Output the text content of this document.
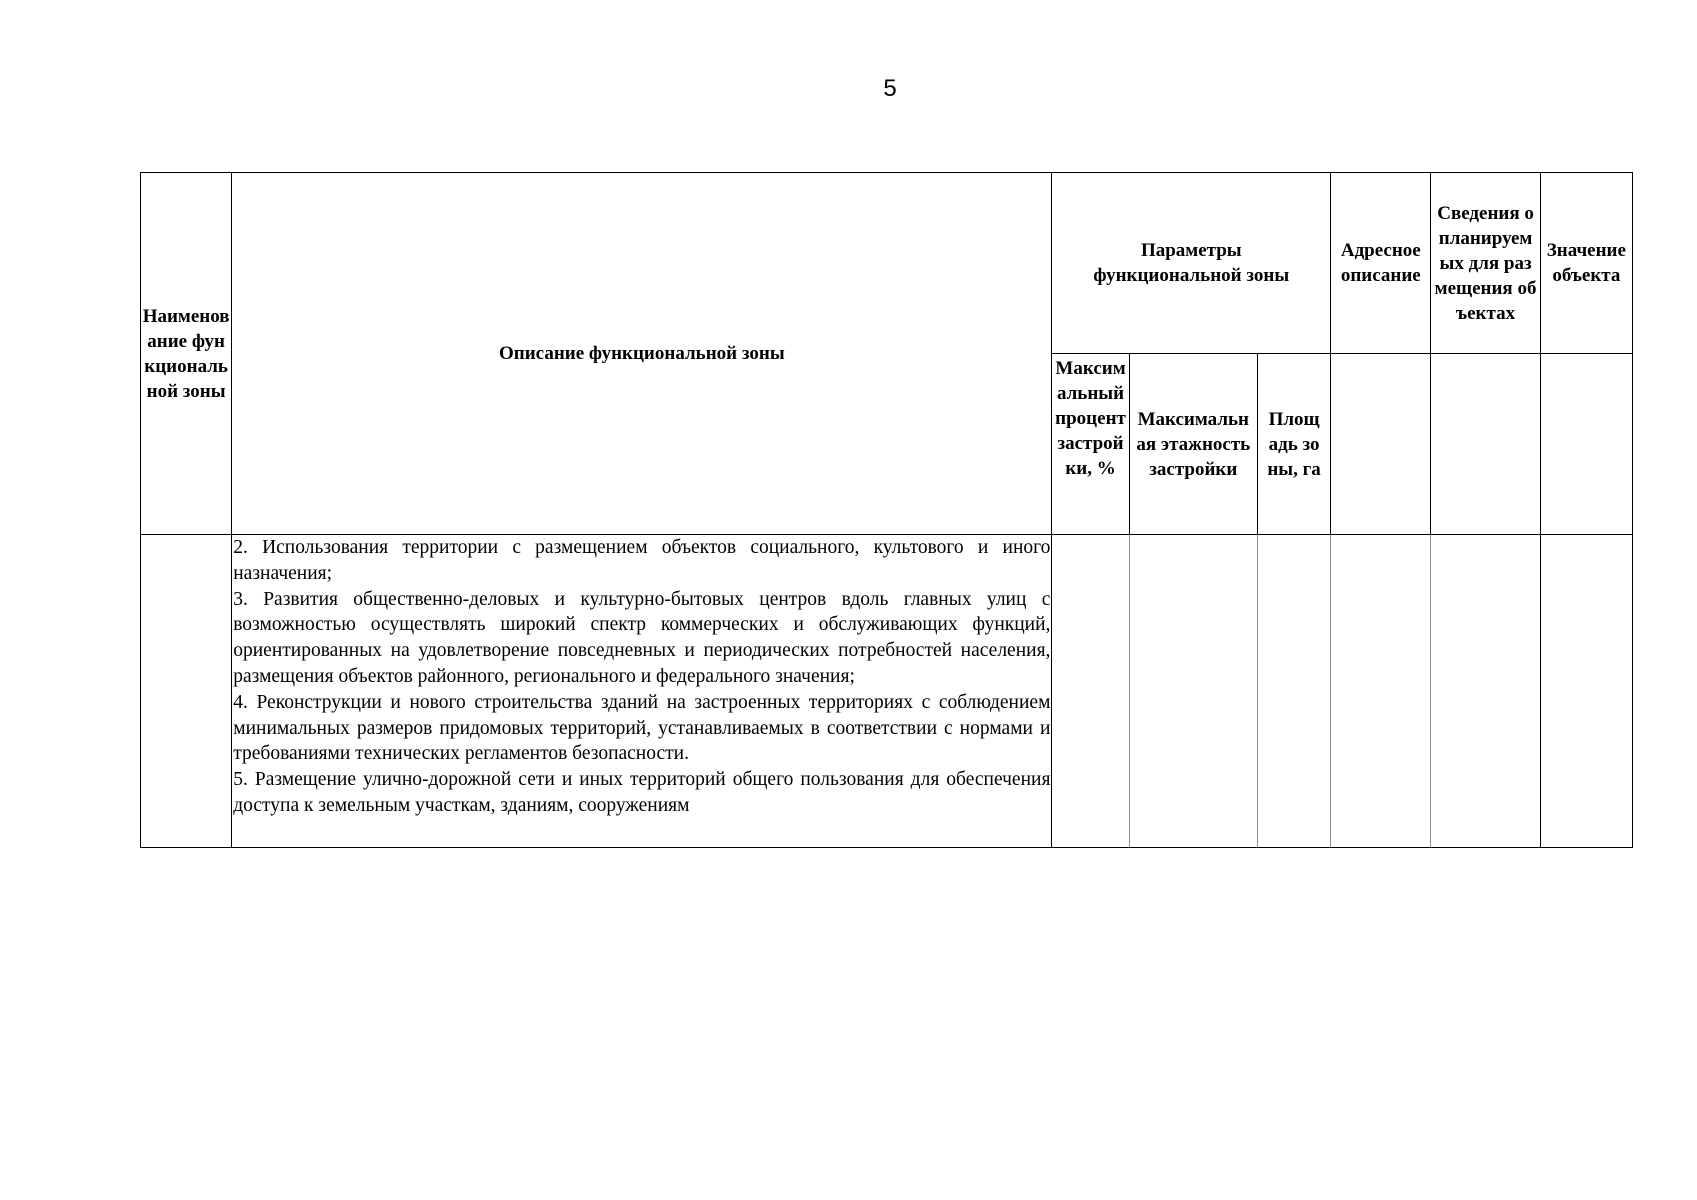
5
Наименование функциональной зоны	Описание функциональной зоны	Параметры функциональной зоны			Адресное описание	Сведения о планируемых для размещения объектах	Значение объекта

		Максимальный процент застройки, %	Максимальная этажность застройки	Площадь зоны, га			

	2. Использования территории с размещением объектов социального, культового и иного назначения;

3. Развития общественно-деловых и культурно-бытовых центров вдоль главных улиц с возможностью осуществлять широкий спектр коммерческих и обслуживающих функций, ориентированных на удовлетворение повседневных и периодических потребностей населения, размещения объектов районного, регионального и федерального значения;

4. Реконструкции и нового строительства зданий на застроенных территориях с соблюдением минимальных размеров придомовых территорий, устанавливаемых в соответствии с нормами и требованиями технических регламентов безопасности.

5. Размещение улично-дорожной сети и иных территорий общего пользования для обеспечения доступа к земельным участкам, зданиям, сооружениям						
